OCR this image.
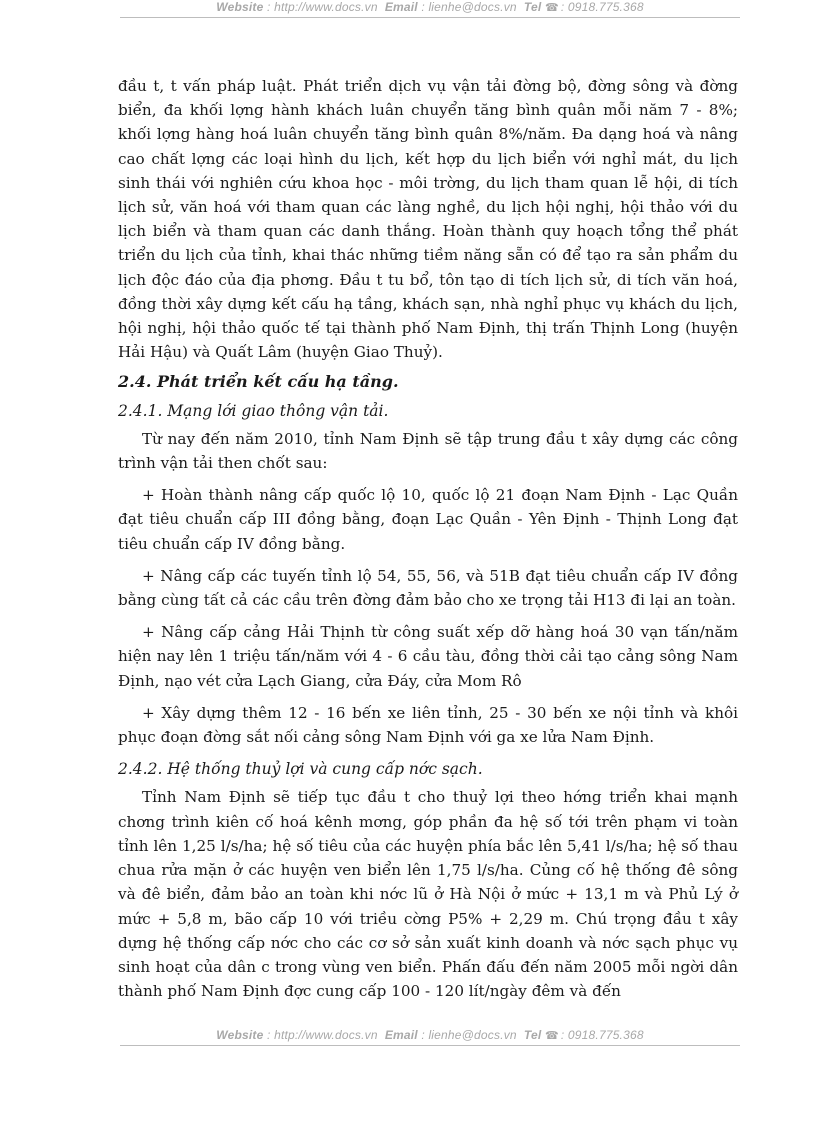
Website : http://www.docs.vn Email : lienhe@docs.vn Tel ☎ : 0918.775.368

đầu t, t vấn pháp luật. Phát triển dịch vụ vận tải đờng bộ, đờng sông và đờng biển, đa khối lợng hành khách luân chuyển tăng bình quân mỗi năm 7 - 8%; khối lợng hàng hoá luân chuyển tăng bình quân 8%/năm. Đa dạng hoá và nâng cao chất lợng các loại hình du lịch, kết hợp du lịch biển với nghỉ mát, du lịch sinh thái với nghiên cứu khoa học - môi trờng, du lịch tham quan lễ hội, di tích lịch sử, văn hoá với tham quan các làng nghề, du lịch hội nghị, hội thảo với du lịch biển và tham quan các danh thắng. Hoàn thành quy hoạch tổng thể phát triển du lịch của tỉnh, khai thác những tiềm năng sẵn có để tạo ra sản phẩm du lịch độc đáo của địa phơng. Đầu t tu bổ, tôn tạo di tích lịch sử, di tích văn hoá, đồng thời xây dựng kết cấu hạ tầng, khách sạn, nhà nghỉ phục vụ khách du lịch, hội nghị, hội thảo quốc tế tại thành phố Nam Định, thị trấn Thịnh Long (huyện Hải Hậu) và Quất Lâm (huyện Giao Thuỷ).

2.4. Phát triển kết cấu hạ tầng.

2.4.1. Mạng lới giao thông vận tải.

Từ nay đến năm 2010, tỉnh Nam Định sẽ tập trung đầu t xây dựng các công trình vận tải then chốt sau:

+ Hoàn thành nâng cấp quốc lộ 10, quốc lộ 21 đoạn Nam Định - Lạc Quần đạt tiêu chuẩn cấp III đồng bằng, đoạn Lạc Quần - Yên Định - Thịnh Long đạt tiêu chuẩn cấp IV đồng bằng.

+ Nâng cấp các tuyến tỉnh lộ 54, 55, 56, và 51B đạt tiêu chuẩn cấp IV đồng bằng cùng tất cả các cầu trên đờng đảm bảo cho xe trọng tải H13 đi lại an toàn.

+ Nâng cấp cảng Hải Thịnh từ công suất xếp dỡ hàng hoá 30 vạn tấn/năm hiện nay lên 1 triệu tấn/năm với 4 - 6 cầu tàu, đồng thời cải tạo cảng sông Nam Định, nạo vét cửa Lạch Giang, cửa Đáy, cửa Mom Rô

+ Xây dựng thêm 12 - 16 bến xe liên tỉnh, 25 - 30 bến xe nội tỉnh và khôi phục đoạn đờng sắt nối cảng sông Nam Định với ga xe lửa Nam Định.

2.4.2. Hệ thống thuỷ lợi và cung cấp nớc sạch.

Tỉnh Nam Định sẽ tiếp tục đầu t cho thuỷ lợi theo hớng triển khai mạnh chơng trình kiên cố hoá kênh mơng, góp phần đa hệ số tới trên phạm vi toàn tỉnh lên 1,25 l/s/ha; hệ số tiêu của các huyện phía bắc lên 5,41 l/s/ha; hệ số thau chua rửa mặn ở các huyện ven biển lên 1,75 l/s/ha. Củng cố hệ thống đê sông và đê biển, đảm bảo an toàn khi nớc lũ ở Hà Nội ở mức + 13,1 m và Phủ Lý ở mức + 5,8 m, bão cấp 10 với triều cờng P5% + 2,29 m. Chú trọng đầu t xây dựng hệ thống cấp nớc cho các cơ sở sản xuất kinh doanh và nớc sạch phục vụ sinh hoạt của dân c trong vùng ven biển. Phấn đấu đến năm 2005 mỗi ngời dân thành phố Nam Định đợc cung cấp 100 - 120 lít/ngày đêm và đến

Website : http://www.docs.vn Email : lienhe@docs.vn Tel ☎ : 0918.775.368
